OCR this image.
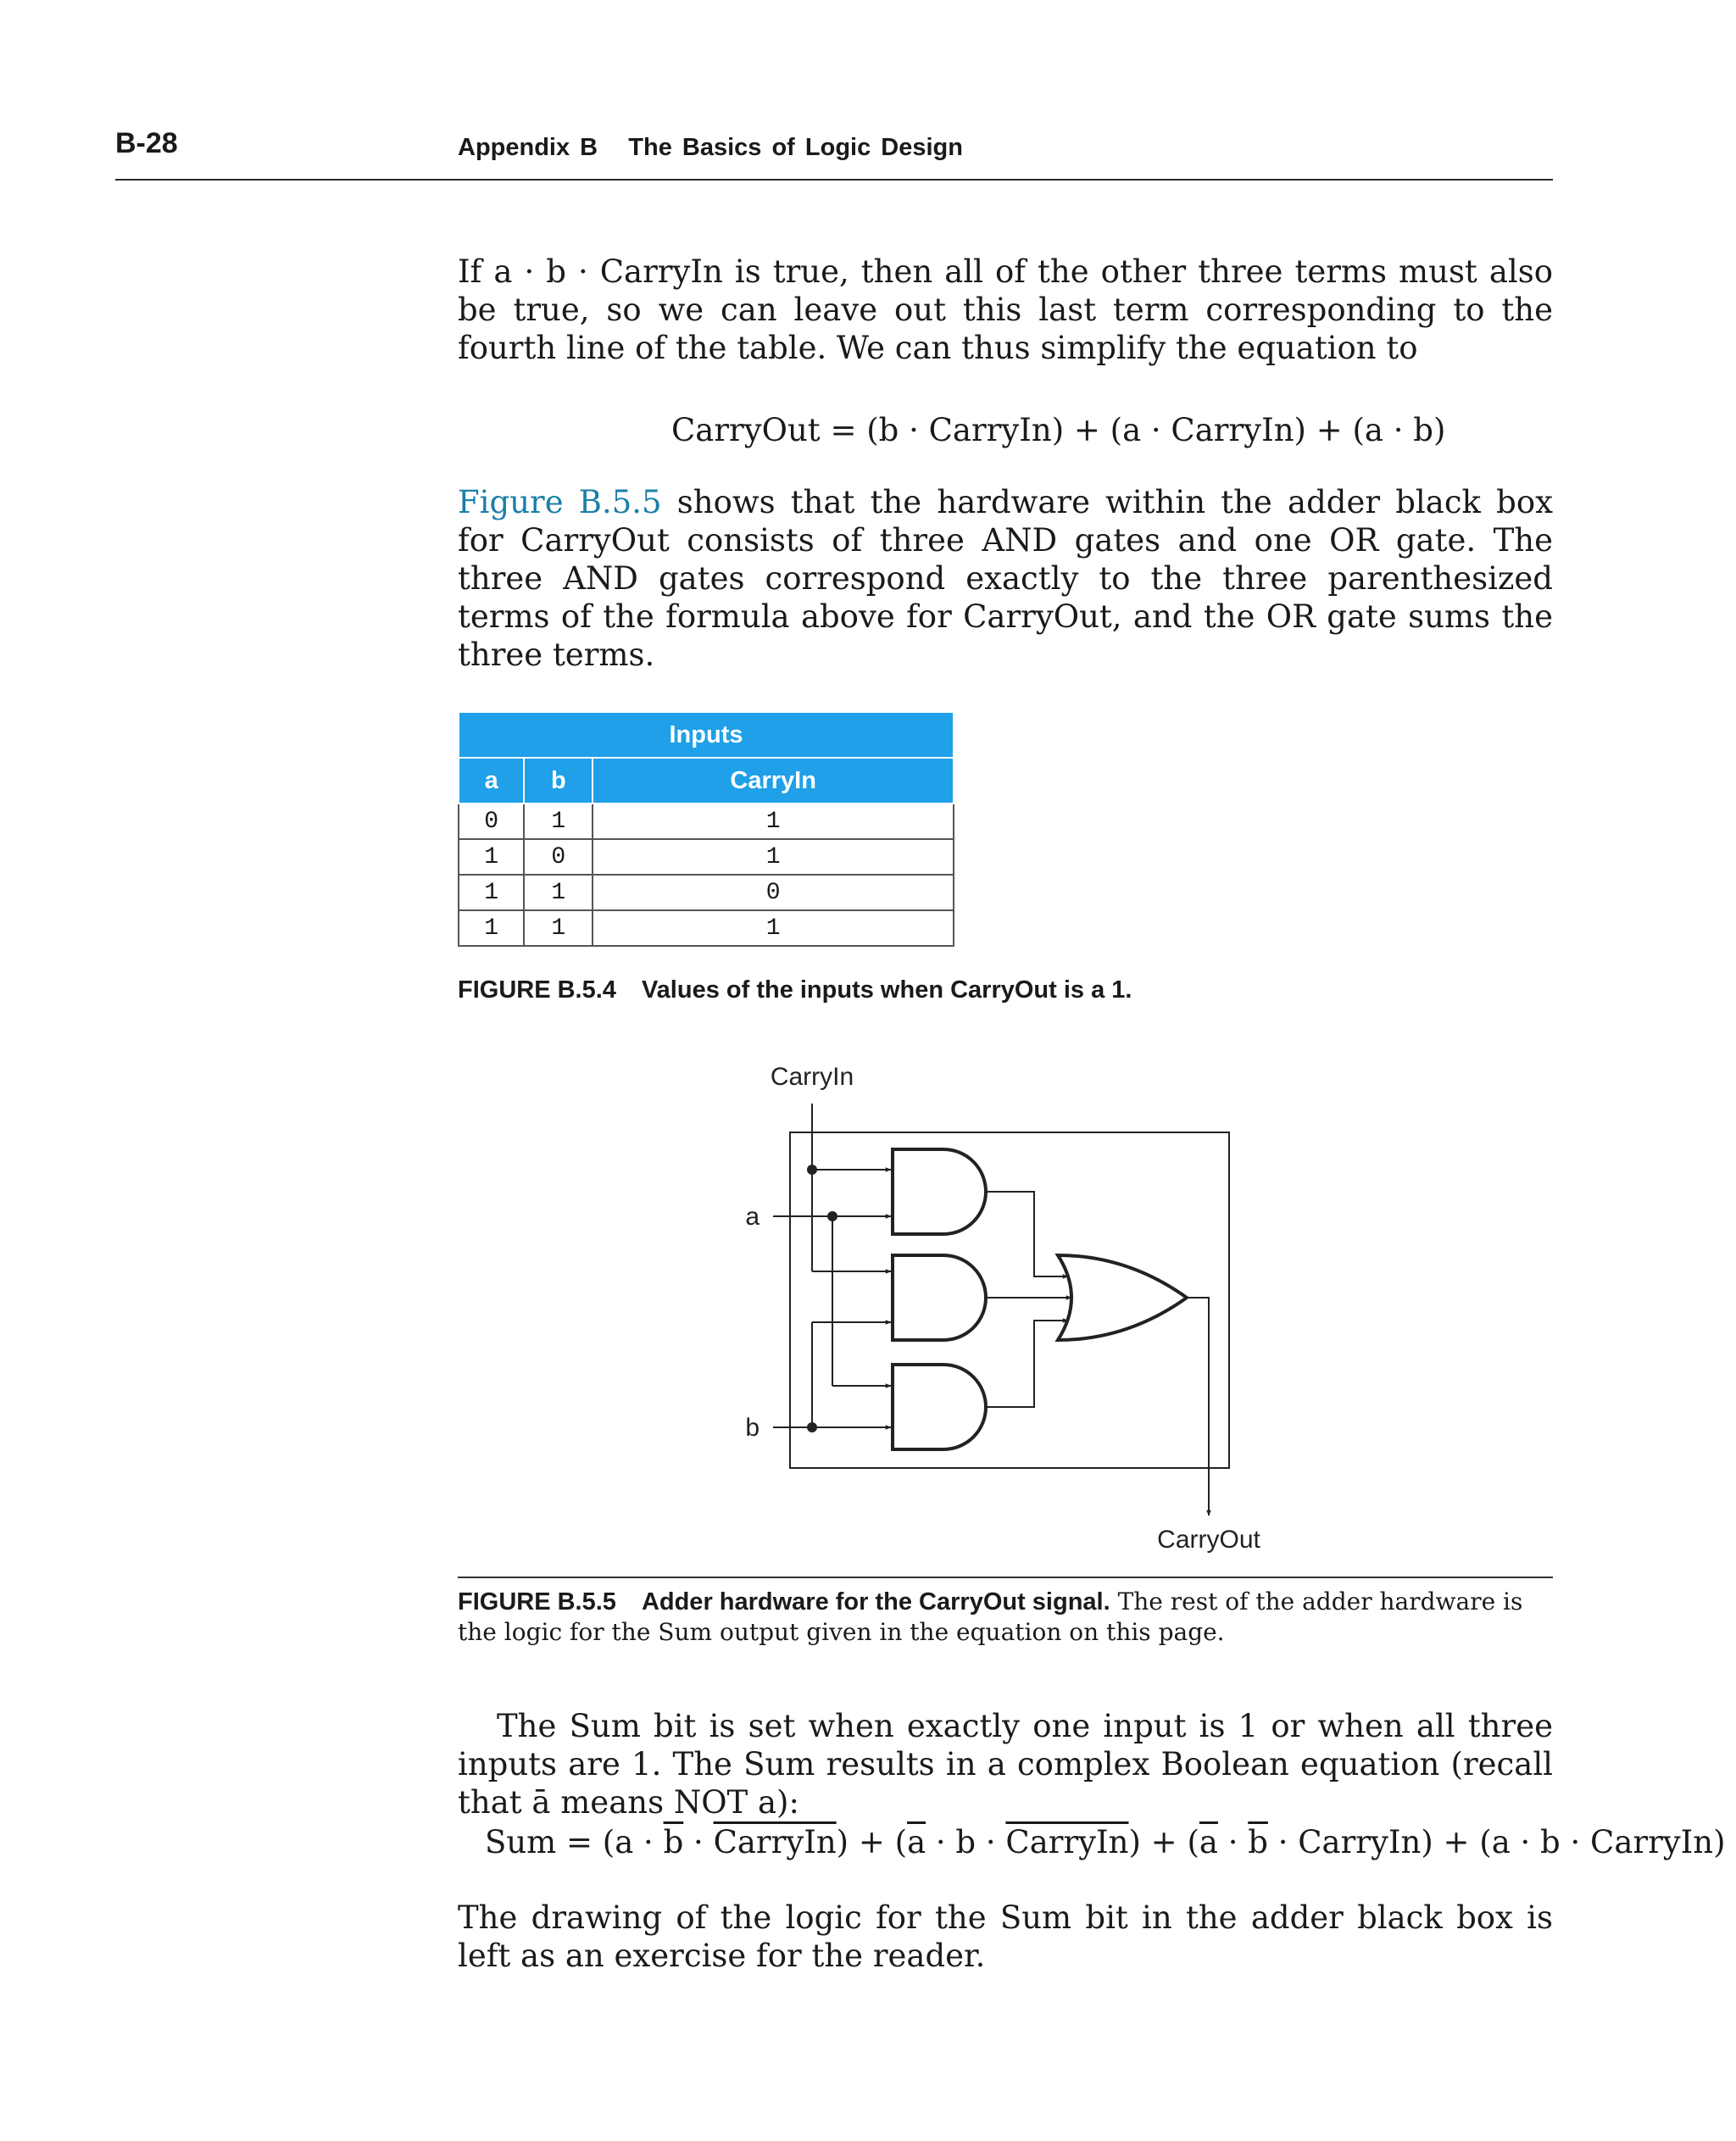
B-28	Appendix B   The Basics of Logic Design

If a · b · CarryIn is true, then all of the other three terms must also be true, so we can leave out this last term corresponding to the fourth line of the table. We can thus simplify the equation to

CarryOut = (b · CarryIn) + (a · CarryIn) + (a · b)

Figure B.5.5 shows that the hardware within the adder black box for CarryOut consists of three AND gates and one OR gate. The three AND gates correspond exactly to the three parenthesized terms of the formula above for CarryOut, and the OR gate sums the three terms.

Inputs		
a	b	CarryIn
0	1	1
1	0	1
1	1	0
1	1	1
FIGURE B.5.4 Values of the inputs when CarryOut is a 1.
CarryIn
a
b
CarryOut
FIGURE B.5.5 Adder hardware for the CarryOut signal. The rest of the adder hardware is the logic for the Sum output given in the equation on this page.

The Sum bit is set when exactly one input is 1 or when all three inputs are 1. The Sum results in a complex Boolean equation (recall that ā means NOT a):

Sum = ($a \cdot \overline{b}$ · CarryIn) + ($\overline{a} \cdot b$ · CarryIn) + ($\overline{a} \cdot \overline{b}$ · CarryIn) + (a · b · CarryIn)

The drawing of the logic for the Sum bit in the adder black box is left as an exercise for the reader.
